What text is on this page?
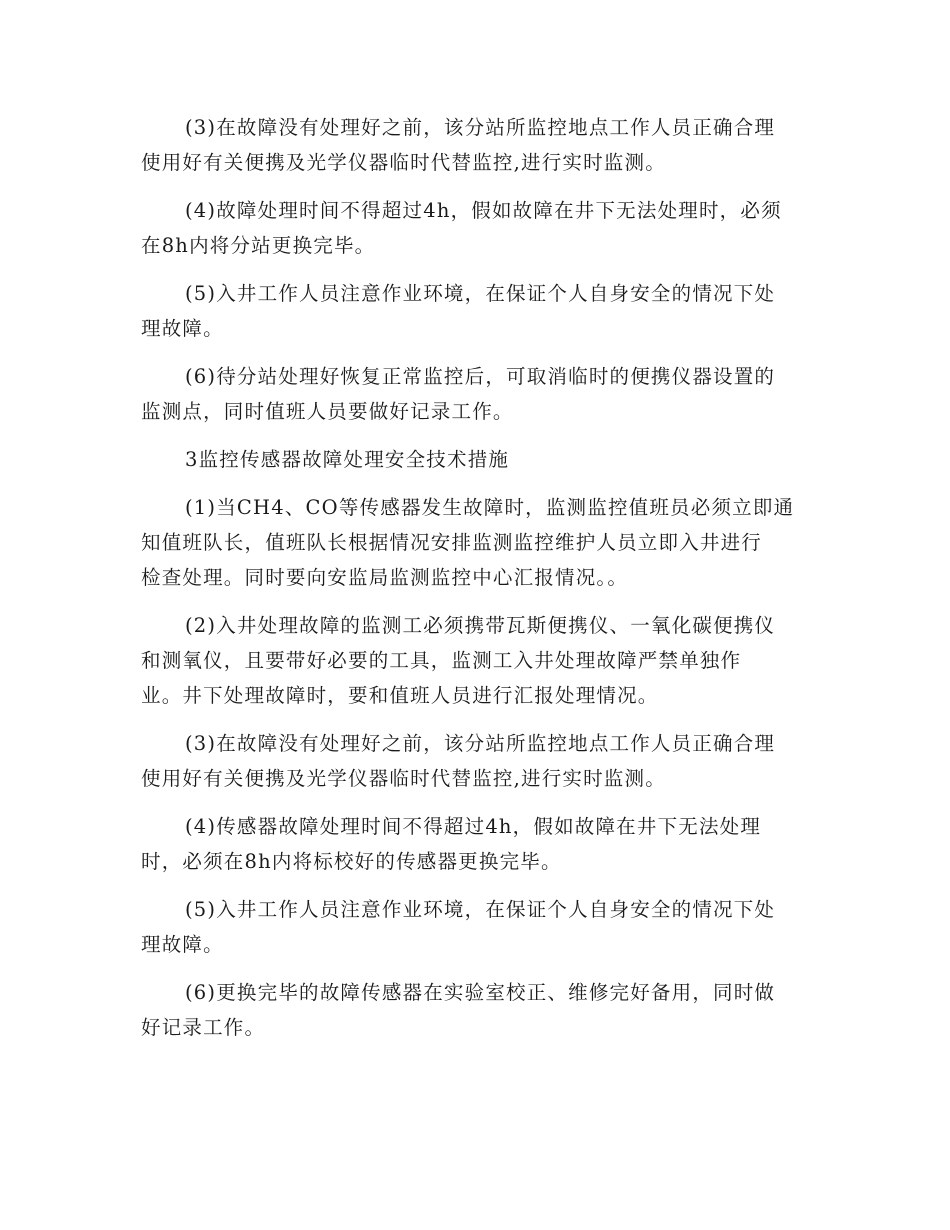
(3)在故障没有处理好之前，该分站所监控地点工作人员正确合理
使用好有关便携及光学仪器临时代替监控,进行实时监测。

(4)故障处理时间不得超过4h，假如故障在井下无法处理时，必须
在8h内将分站更换完毕。

(5)入井工作人员注意作业环境，在保证个人自身安全的情况下处
理故障。

(6)待分站处理好恢复正常监控后，可取消临时的便携仪器设置的
监测点，同时值班人员要做好记录工作。

3监控传感器故障处理安全技术措施

(1)当CH4、CO等传感器发生故障时，监测监控值班员必须立即通
知值班队长，值班队长根据情况安排监测监控维护人员立即入井进行
检查处理。同时要向安监局监测监控中心汇报情况。。

(2)入井处理故障的监测工必须携带瓦斯便携仪、一氧化碳便携仪
和测氧仪，且要带好必要的工具，监测工入井处理故障严禁单独作
业。井下处理故障时，要和值班人员进行汇报处理情况。

(3)在故障没有处理好之前，该分站所监控地点工作人员正确合理
使用好有关便携及光学仪器临时代替监控,进行实时监测。

(4)传感器故障处理时间不得超过4h，假如故障在井下无法处理
时，必须在8h内将标校好的传感器更换完毕。

(5)入井工作人员注意作业环境，在保证个人自身安全的情况下处
理故障。

(6)更换完毕的故障传感器在实验室校正、维修完好备用，同时做
好记录工作。
